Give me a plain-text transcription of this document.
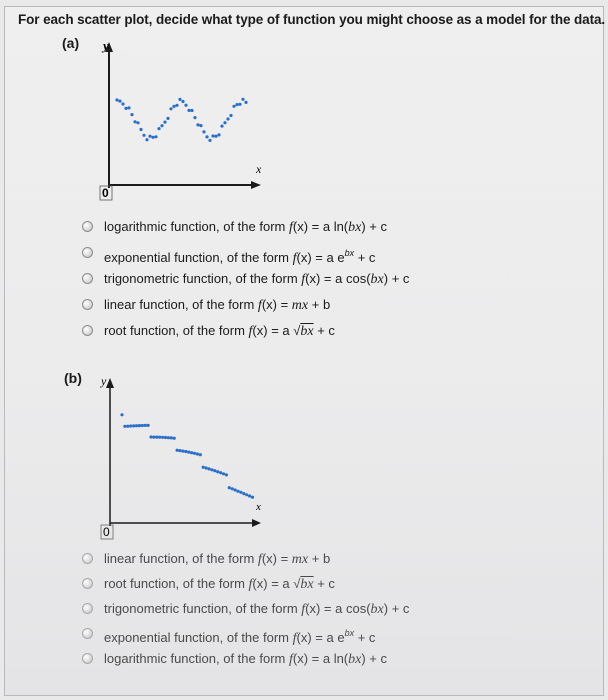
For each scatter plot, decide what type of function you might choose as a model for the data.
(a) y
x
0
logarithmic function, of the form f(x) = a ln(bx) + c
exponential function, of the form f(x) = a $e^{bx} + c$
trigonometric function, of the form f(x) = a cos(bx) + c
linear function, of the form f(x) = mx + b
root function, of the form f(x) = a √bx + c
(b) y
x
0
linear function, of the form f(x) = mx + b
root function, of the form f(x) = a √bx + c
trigonometric function, of the form f(x) = a cos(bx) + c
exponential function, of the form f(x) = a $e^{bx} + c$
logarithmic function, of the form f(x) = a ln(bx) + c
